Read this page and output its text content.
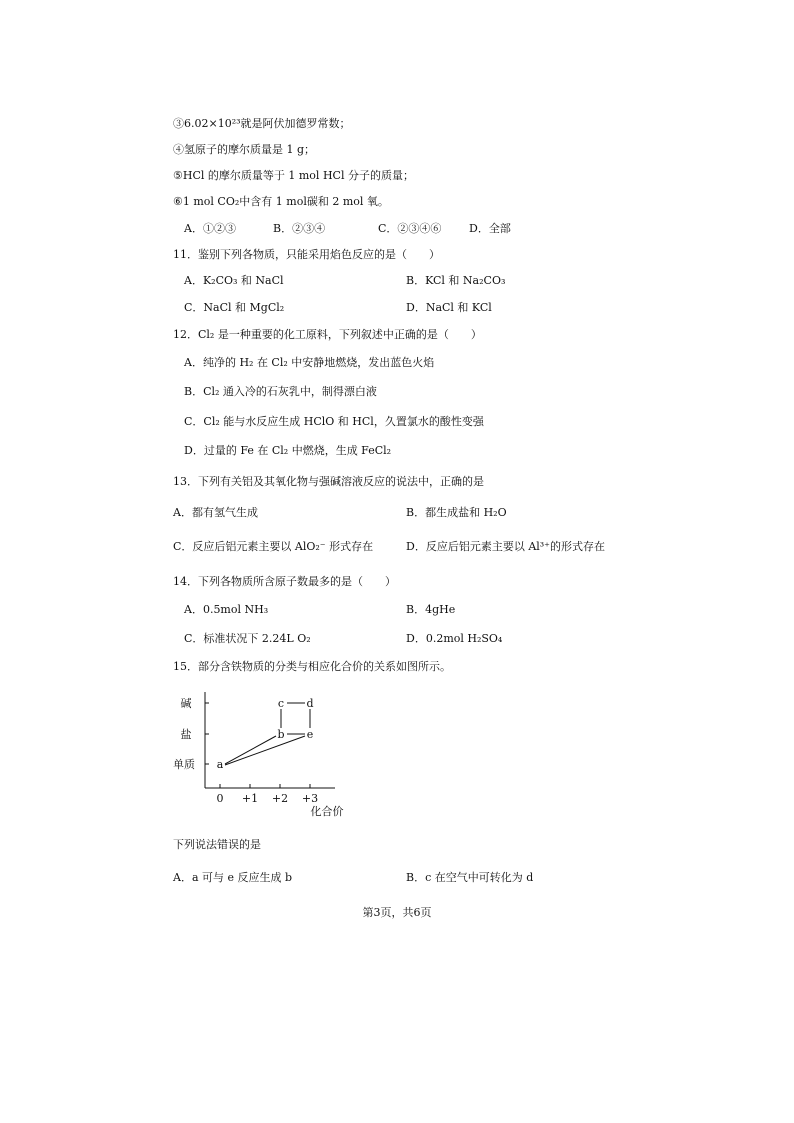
③6.02×10²³就是阿伏加德罗常数；
④氢原子的摩尔质量是 1 g；
⑤HCl 的摩尔质量等于 1 mol HCl 分子的质量；
⑥1 mol CO₂中含有 1 mol碳和 2 mol 氧。
A．①②③	B．②③④	C．②③④⑥	D．全部
11．鉴别下列各物质，只能采用焰色反应的是（　　）
A．K₂CO₃ 和 NaCl	B．KCl 和 Na₂CO₃
C．NaCl 和 MgCl₂	D．NaCl 和 KCl
12．Cl₂ 是一种重要的化工原料，下列叙述中正确的是（　　）
A．纯净的 H₂ 在 Cl₂ 中安静地燃烧，发出蓝色火焰
B．Cl₂ 通入冷的石灰乳中，制得漂白液
C．Cl₂ 能与水反应生成 HClO 和 HCl，久置氯水的酸性变强
D．过量的 Fe 在 Cl₂ 中燃烧，生成 FeCl₂
13．下列有关铝及其氧化物与强碱溶液反应的说法中，正确的是
A．都有氢气生成	B．都生成盐和 H₂O
C．反应后铝元素主要以 AlO₂⁻ 形式存在	D．反应后铝元素主要以 Al³⁺的形式存在
14．下列各物质所含原子数最多的是（　　）
A．0.5mol NH₃	B．4gHe
C．标准状况下 2.24L O₂	D．0.2mol H₂SO₄
15．部分含铁物质的分类与相应化合价的关系如图所示。
碱
盐
单质
0 +1 +2 +3
化合价
a
b
c d
e
下列说法错误的是
A．a 可与 e 反应生成 b	B．c 在空气中可转化为 d
第3页，共6页
